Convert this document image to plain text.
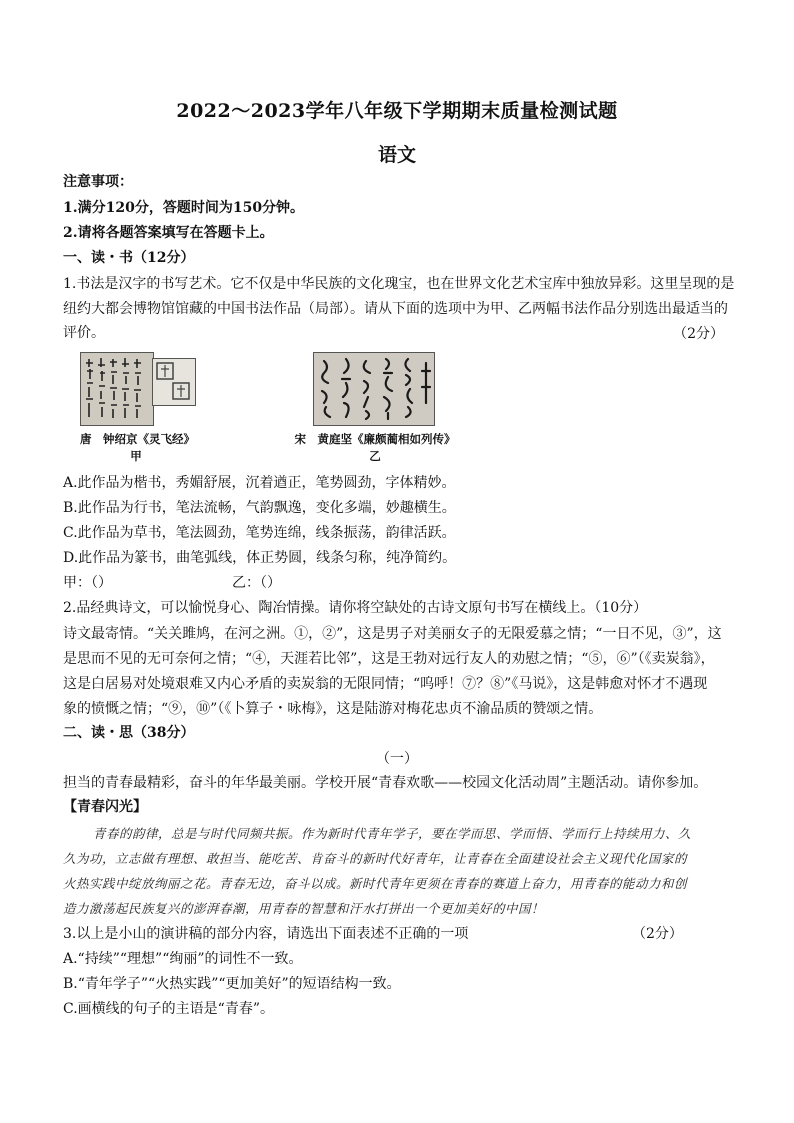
2022～2023学年八年级下学期期末质量检测试题
语文
注意事项：
1.满分120分，答题时间为150分钟。
2.请将各题答案填写在答题卡上。
一、读・书（12分）
1.书法是汉字的书写艺术。它不仅是中华民族的文化瑰宝，也在世界文化艺术宝库中独放异彩。这里呈现的是
纽约大都会博物馆馆藏的中国书法作品（局部）。请从下面的选项中为甲、乙两幅书法作品分别选出最适当的
评价。	（2分）
唐　钟绍京《灵飞经》
甲
宋　黄庭坚《廉颇蔺相如列传》
乙
A.此作品为楷书，秀媚舒展，沉着遒正，笔势圆劲，字体精妙。
B.此作品为行书，笔法流畅，气韵飘逸，变化多端，妙趣横生。
C.此作品为草书，笔法圆劲，笔势连绵，线条振荡，韵律活跃。
D.此作品为篆书，曲笔弧线，体正势圆，线条匀称，纯净简约。
甲：（）	乙：（）
2.品经典诗文，可以愉悦身心、陶冶情操。请你将空缺处的古诗文原句书写在横线上。（10分）
诗文最寄情。“关关雎鸠，在河之洲。①，②”，这是男子对美丽女子的无限爱慕之情；“一日不见，③”，这
是思而不见的无可奈何之情；“④，天涯若比邻”，这是王勃对远行友人的劝慰之情；“⑤，⑥”（《卖炭翁》，
这是白居易对处境艰难又内心矛盾的卖炭翁的无限同情；“呜呼！⑦？⑧”《马说》，这是韩愈对怀才不遇现
象的愤慨之情；“⑨，⑩”（《卜算子・咏梅》，这是陆游对梅花忠贞不渝品质的赞颂之情。
二、读・思（38分）
（一）
担当的青春最精彩，奋斗的年华最美丽。学校开展“青春欢歌——校园文化活动周”主题活动。请你参加。
【青春闪光】
青春的韵律，总是与时代同频共振。作为新时代青年学子，要在学而思、学而悟、学而行上持续用力、久
久为功，立志做有理想、敢担当、能吃苦、肯奋斗的新时代好青年，让青春在全面建设社会主义现代化国家的
火热实践中绽放绚丽之花。青春无边，奋斗以成。新时代青年更须在青春的赛道上奋力，用青春的能动力和创
造力激荡起民族复兴的澎湃春潮，用青春的智慧和汗水打拼出一个更加美好的中国！
3.以上是小山的演讲稿的部分内容，请选出下面表述不正确的一项	（2分）
A.“持续”“理想”“绚丽”的词性不一致。
B.“青年学子”“火热实践”“更加美好”的短语结构一致。
C.画横线的句子的主语是“青春”。
